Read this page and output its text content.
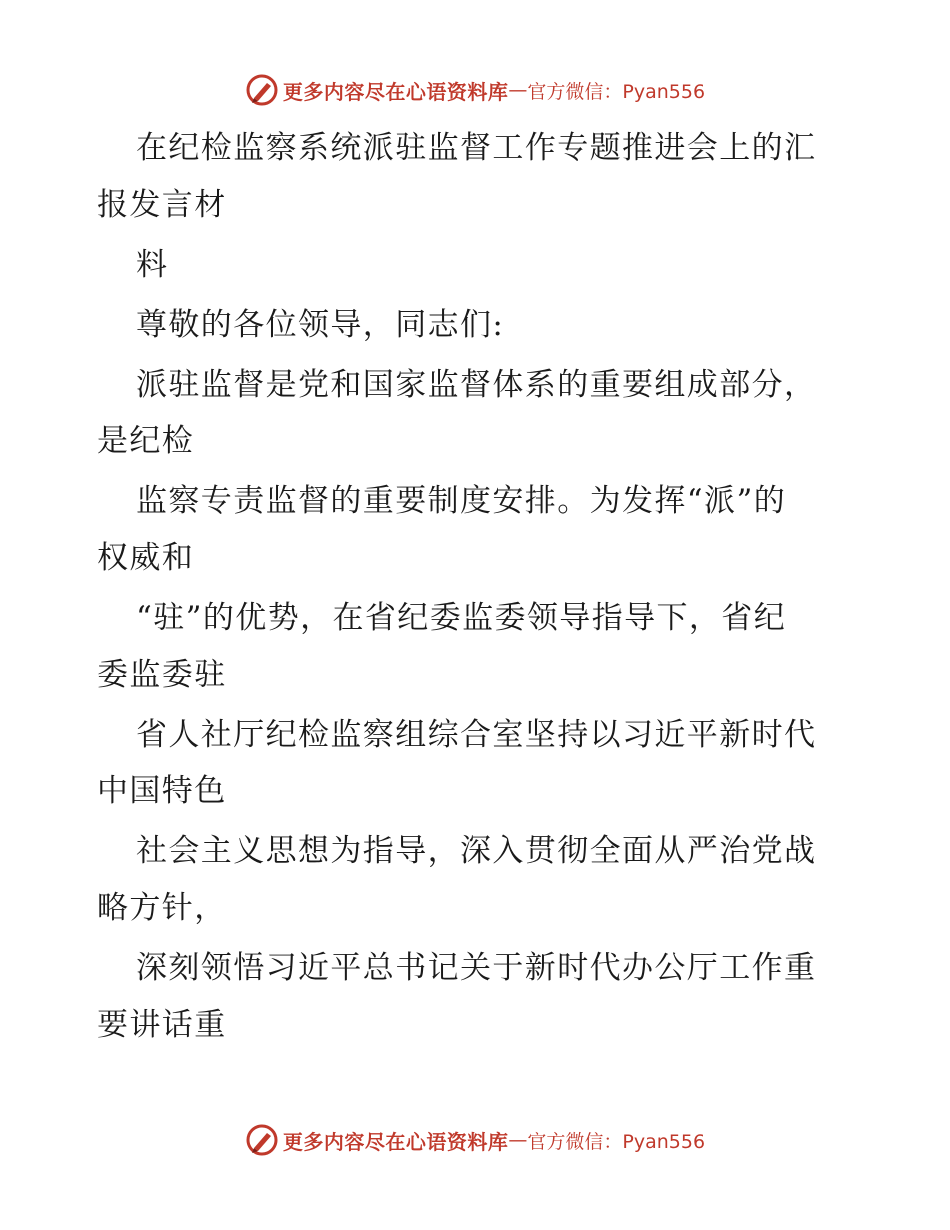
更多内容尽在心语资料库 — 官方微信：Pyan556
在纪检监察系统派驻监督工作专题推进会上的汇
报发言材
料
尊敬的各位领导，同志们:
派驻监督是党和国家监督体系的重要组成部分，
是纪检
监察专责监督的重要制度安排。为发挥“派”的
权威和
“驻”的优势，在省纪委监委领导指导下，省纪
委监委驻
省人社厅纪检监察组综合室坚持以习近平新时代
中国特色
社会主义思想为指导，深入贯彻全面从严治党战
略方针，
深刻领悟习近平总书记关于新时代办公厅工作重
要讲话重
更多内容尽在心语资料库 — 官方微信：Pyan556
